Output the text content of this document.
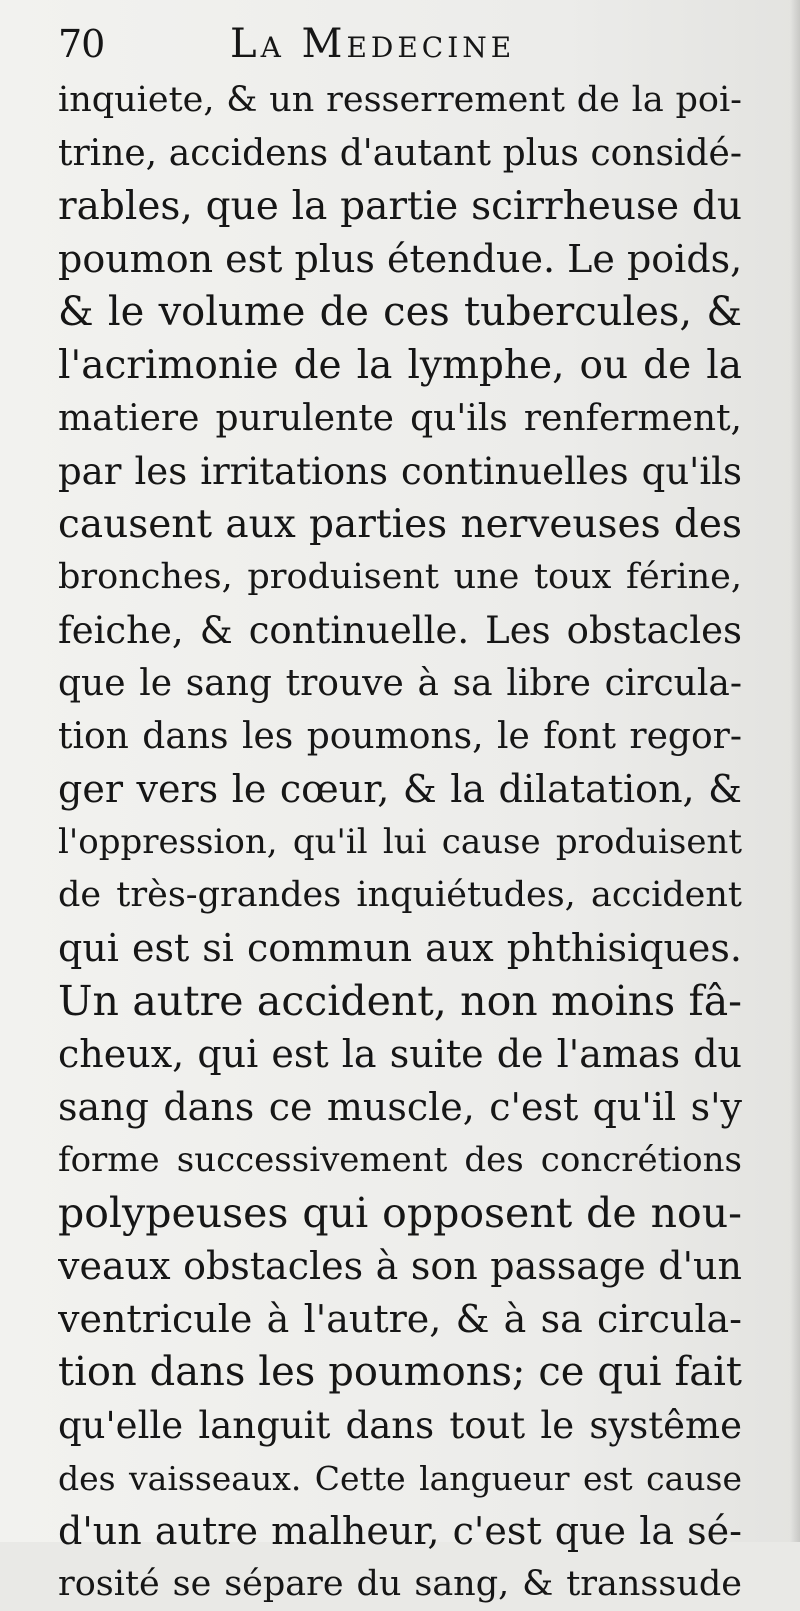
70	La Medecine
inquiete, & un resserrement de la poi-
trine, accidens d'autant plus considé-
rables, que la partie scirrheuse du
poumon est plus étendue. Le poids,
& le volume de ces tubercules, &
l'acrimonie de la lymphe, ou de la
matiere purulente qu'ils renferment,
par les irritations continuelles qu'ils
causent aux parties nerveuses des
bronches, produisent une toux férine,
feiche, & continuelle. Les obstacles
que le sang trouve à sa libre circula-
tion dans les poumons, le font regor-
ger vers le cœur, & la dilatation, &
l'oppression, qu'il lui cause produisent
de très-grandes inquiétudes, accident
qui est si commun aux phthisiques.
Un autre accident, non moins fâ-
cheux, qui est la suite de l'amas du
sang dans ce muscle, c'est qu'il s'y
forme successivement des concrétions
polypeuses qui opposent de nou-
veaux obstacles à son passage d'un
ventricule à l'autre, & à sa circula-
tion dans les poumons; ce qui fait
qu'elle languit dans tout le systême
des vaisseaux. Cette langueur est cause
d'un autre malheur, c'est que la sé-
rosité se sépare du sang, & transsude
